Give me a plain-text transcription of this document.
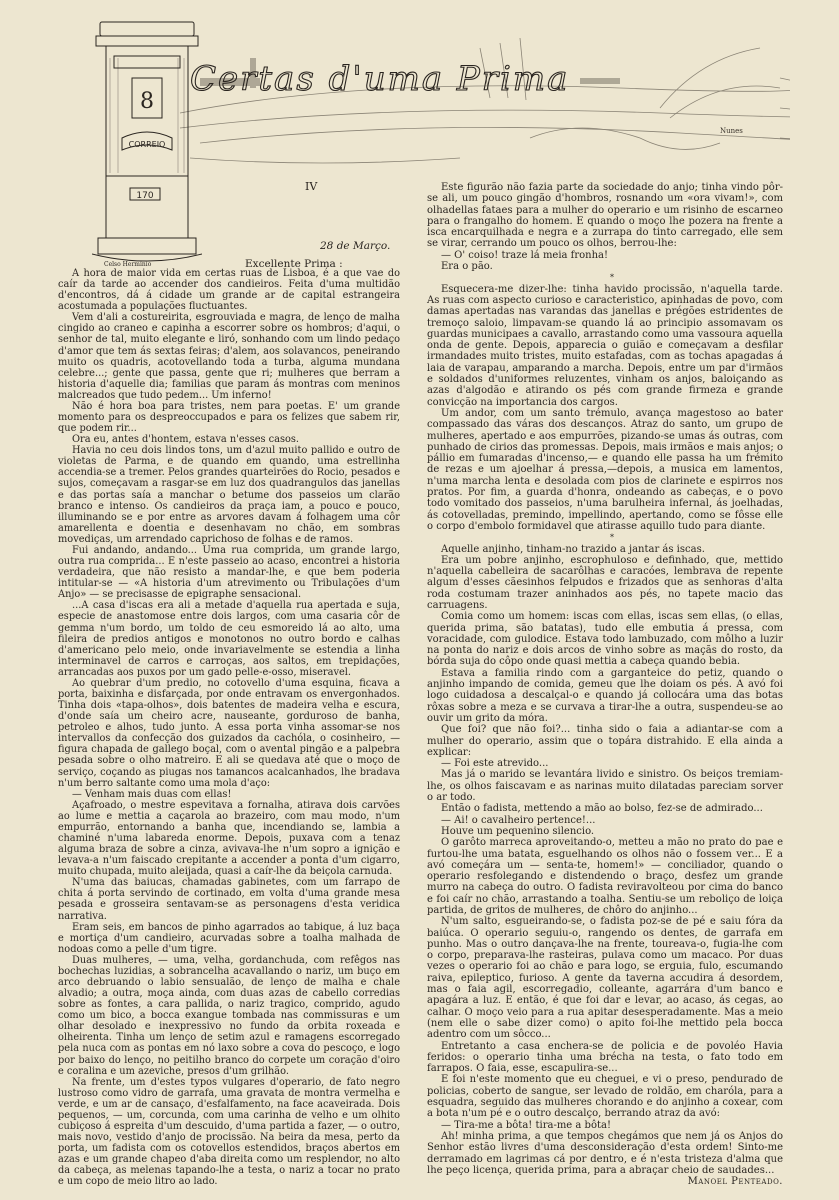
Certas d'uma Prima
Nunes
8
CORREIO
170
Celso Hermínio
IV
28 de Março.
Excellente Prima :

A hora de maior vida em certas ruas de Lisboa, é a que vae do caír da tarde ao accender dos candieiros. Feita d'uma multidão d'encontros, dá á cidade um grande ar de capital estrangeira acostumada a populações fluctuantes.

Vem d'ali a costureirita, esgrouviada e magra, de lenço de malha cingido ao craneo e capinha a escorrer sobre os hombros; d'aqui, o senhor de tal, muito elegante e liró, sonhando com um lindo pedaço d'amor que tem ás sextas feiras; d'alem, aos solavancos, peneirando muito os quadris, acotovellando toda a turba, alguma mundana celebre...; gente que passa, gente que ri; mulheres que berram a historia d'aquelle dia; familias que param ás montras com meninos malcreados que tudo pedem... Um inferno!

Não é hora boa para tristes, nem para poetas. E' um grande momento para os despreoccupados e para os felizes que sabem rir, que podem rir...

Ora eu, antes d'hontem, estava n'esses casos.

Havia no ceu dois lindos tons, um d'azul muito pallido e outro de violetas de Parma, e de quando em quando, uma estrellinha accendia-se a tremer. Pelos grandes quarteirões do Rocio, pesados e sujos, começavam a rasgar-se em luz dos quadrangulos das janellas e das portas saía a manchar o betume dos passeios um clarão branco e intenso. Os candieiros da praça iam, a pouco e pouco, illuminando se e por entre as arvores davam á folhagem uma côr amarellenta e doentia e desenhavam no chão, em sombras movediças, um arrendado caprichoso de folhas e de ramos.

Fui andando, andando... Uma rua comprida, um grande largo, outra rua comprida... E n'este passeio ao acaso, encontrei a historia verdadeira, que não resisto a mandar-lhe, e que bem poderia intitular-se — «A historia d'um atrevimento ou Tribulações d'um Anjo» — se precisasse de epigraphe sensacional.

...A casa d'iscas era ali a metade d'aquella rua apertada e suja, especie de anastomose entre dois largos, com uma casaria côr de gemma n'um bordo, um toldo de ceu esmoreido lá ao alto, uma fileira de predios antigos e monotonos no outro bordo e calhas d'americano pelo meio, onde invariavelmente se estendia a linha interminavel de carros e carroças, aos saltos, em trepidações, arrancadas aos puxos por um gado pelle-e-osso, miseravel.

Ao quebrar d'um predio, no cotovello d'uma esquina, ficava a porta, baixinha e disfarçada, por onde entravam os envergonhados. Tinha dois «tapa-olhos», dois batentes de madeira velha e escura, d'onde saía um cheiro acre, nauseante, gorduroso de banha, petroleo e alhos, tudo junto. A essa porta vinha assomar-se nos intervallos da confecção dos guizados da cachóla, o cosinheiro, — figura chapada de gallego boçal, com o avental pingão e a palpebra pesada sobre o olho matreiro. E ali se quedava até que o moço de serviço, coçando as piugas nos tamancos acalcanhados, lhe bradava n'um berro saltante como uma mola d'aço:

— Venham mais duas com ellas!

Açafroado, o mestre espevitava a fornalha, atirava dois carvões ao lume e mettia a caçarola ao brazeiro, com mau modo, n'um empurrão, entornando a banha que, incendiando se, lambia a chaminé n'uma labareda enorme. Depois, puxava com a tenaz alguma braza de sobre a cinza, avivava-lhe n'um sopro a ignição e levava-a n'um faiscado crepitante a accender a ponta d'um cigarro, muito chupada, muito aleijada, quasi a caír-lhe da beiçola carnuda.

N'uma das baiucas, chamadas gabinetes, com um farrapo de chita á porta servindo de cortinado, em volta d'uma grande mesa pesada e grosseira sentavam-se as personagens d'esta veridica narrativa.

Eram seis, em bancos de pinho agarrados ao tabique, á luz baça e mortiça d'um candieiro, acurvadas sobre a toalha malhada de nodoas como a pelle d'um tigre.

Duas mulheres, — uma, velha, gordanchuda, com refêgos nas bochechas luzidias, a sobrancelha acavallando o nariz, um buço em arco debruando o labio sensualão, de lenço de malha e chale alvadio; a outra, moça ainda, com duas azas de cabello corredias sobre as fontes, a cara pallida, o nariz tragico, comprido, agudo como um bico, a bocca exangue tombada nas commissuras e um olhar desolado e inexpressivo no fundo da orbita roxeada e olheirenta. Tinha um lenço de setim azul e ramagens escorregado pela nuca com as pontas em nó laxo sobre a cova do pescoço, e logo por baixo do lenço, no peitilho branco do corpete um coração d'oiro e coralina e um azeviche, presos d'um grilhão.

Na frente, um d'estes typos vulgares d'operario, de fato negro lustroso como vidro de garrafa, uma gravata de montra vermelha e verde, e um ar de cansaço, d'esfalfamento, na face acaveirada. Dois pequenos, — um, corcunda, com uma carinha de velho e um olhito cubiçoso á espreita d'um descuido, d'uma partida a fazer, — o outro, mais novo, vestido d'anjo de procissão. Na beira da mesa, perto da porta, um fadista com os cotovellos estendidos, braços abertos em azas e um grande chapeo d'aba direita como um resplendor, no alto da cabeça, as melenas tapando-lhe a testa, o nariz a tocar no prato e um copo de meio litro ao lado.

Este figurão não fazia parte da sociedade do anjo; tinha vindo pôr-se ali, um pouco gingão d'hombros, rosnando um «ora vivam!», com olhadellas fataes para a mulher do operario e um risinho de escarneo para o frangalho do homem. E quando o moço lhe pozera na frente a isca encarquilhada e negra e a zurrapa do tinto carregado, elle sem se virar, cerrando um pouco os olhos, berrou-lhe:

— O' coiso! traze lá meia fronha!

Era o pão.

*

Esquecera-me dizer-lhe: tinha havido procissão, n'aquella tarde. As ruas com aspecto curioso e caracteristico, apinhadas de povo, com damas apertadas nas varandas das janellas e prégões estridentes de tremoço saloio, limpavam-se quando lá ao principio assomavam os guardas municipaes a cavallo, arrastando como uma vassoura aquella onda de gente. Depois, apparecia o guião e começavam a desfilar irmandades muito tristes, muito estafadas, com as tochas apagadas á laia de varapau, amparando a marcha. Depois, entre um par d'irmãos e soldados d'uniformes reluzentes, vinham os anjos, baloiçando as azas d'algodão e atirando os pés com grande firmeza e grande convicção na importancia dos cargos.

Um andor, com um santo trémulo, avança magestoso ao bater compassado das váras dos descanços. Atraz do santo, um grupo de mulheres, apertado e aos empurrões, pizando-se umas ás outras, com punhado de cirios das promessas. Depois, mais irmãos e mais anjos; o pállio em fumaradas d'incenso,— e quando elle passa ha um frémito de rezas e um ajoelhar á pressa,—depois, a musica em lamentos, n'uma marcha lenta e desolada com pios de clarinete e espirros nos pratos. Por fim, a guarda d'honra, ondeando as cabeças, e o povo todo vomitado dos passeios, n'uma barulheira infernal, ás joelhadas, ás cotovelladas, premindo, impellindo, apertando, como se fôsse elle o corpo d'embolo formidavel que atirasse aquillo tudo para diante.

*

Aquelle anjinho, tinham-no trazido a jantar ás iscas.

Era um pobre anjinho, escrophuloso e definhado, que, mettido n'aquella cabelleira de sacarôlhas e caracóes, lembrava de repente algum d'esses cãesinhos felpudos e frizados que as senhoras d'alta roda costumam trazer aninhados aos pés, no tapete macio das carruagens.

Comia como um homem: iscas com ellas, iscas sem ellas, (o ellas, querida prima, são batatas), tudo elle embutia á pressa, com voracidade, com gulodice. Estava todo lambuzado, com môlho a luzir na ponta do nariz e dois arcos de vinho sobre as maçãs do rosto, da bórda suja do côpo onde quasi mettia a cabeça quando bebia.

Estava a familia rindo com a garganteice do petiz, quando o anjinho impando de comida, gemeu que lhe doiam os pés. A avó foi logo cuidadosa a descalçal-o e quando já collocára uma das botas rôxas sobre a meza e se curvava a tirar-lhe a outra, suspendeu-se ao ouvir um grito da móra.

Que foi? que não foi?... tinha sido o faia a adiantar-se com a mulher do operario, assim que o topára distrahido. E ella ainda a explicar:

— Foi este atrevido...

Mas já o marido se levantára livido e sinistro. Os beiços tremiam-lhe, os olhos faiscavam e as narinas muito dilatadas pareciam sorver o ar todo.

Então o fadista, mettendo a mão ao bolso, fez-se de admirado...

— Ai! o cavalheiro pertence!...

Houve um pequenino silencio.

O garôto marreca aproveitando-o, metteu a mão no prato do pae e furtou-lhe uma batata, esguelhando os olhos não o fossem ver... E a avó começára um — senta-te, homem!» — conciliador, quando o operario resfolegando e distendendo o braço, desfez um grande murro na cabeça do outro. O fadista reviravolteou por cima do banco e foi caír no chão, arrastando a toalha. Sentiu-se um reboliço de loiça partida, de gritos de mulheres, de chôro do anjinho...

N'um salto, esgueirando-se, o fadista poz-se de pé e saiu fóra da baiúca. O operario seguiu-o, rangendo os dentes, de garrafa em punho. Mas o outro dançava-lhe na frente, toureava-o, fugia-lhe com o corpo, preparava-lhe rasteiras, pulava como um macaco. Por duas vezes o operario foi ao chão e para logo, se erguia, fulo, escumando raiva, epileptico, furioso. A gente da taverna accudira á desordem, mas o faia agil, escorregadio, colleante, agarrára d'um banco e apagára a luz. E então, é que foi dar e levar, ao acaso, ás cegas, ao calhar. O moço veio para a rua apitar desesperadamente. Mas a meio (nem elle o sabe dizer como) o apito foi-lhe mettido pela bocca adentro com um sôcco...

Entretanto a casa enchera-se de policia e de povoléo Havia feridos: o operario tinha uma brécha na testa, o fato todo em farrapos. O faia, esse, escapulira-se...

E foi n'este momento que eu cheguei, e vi o preso, pendurado de policias, coberto de sangue, ser levado de roldão, em charóla, para a esquadra, seguido das mulheres chorando e do anjinho a coxear, com a bota n'um pé e o outro descalço, berrando atraz da avó:

— Tira-me a bôta! tira-me a bôta!

Ah! minha prima, a que tempos chegámos que nem já os Anjos do Senhor estão livres d'uma desconsideração d'esta ordem! Sinto-me derramado em lagrimas cá por dentro, e é n'esta tristeza d'alma que lhe peço licença, querida prima, para a abraçar cheio de saudades...

Manoel Penteado.
